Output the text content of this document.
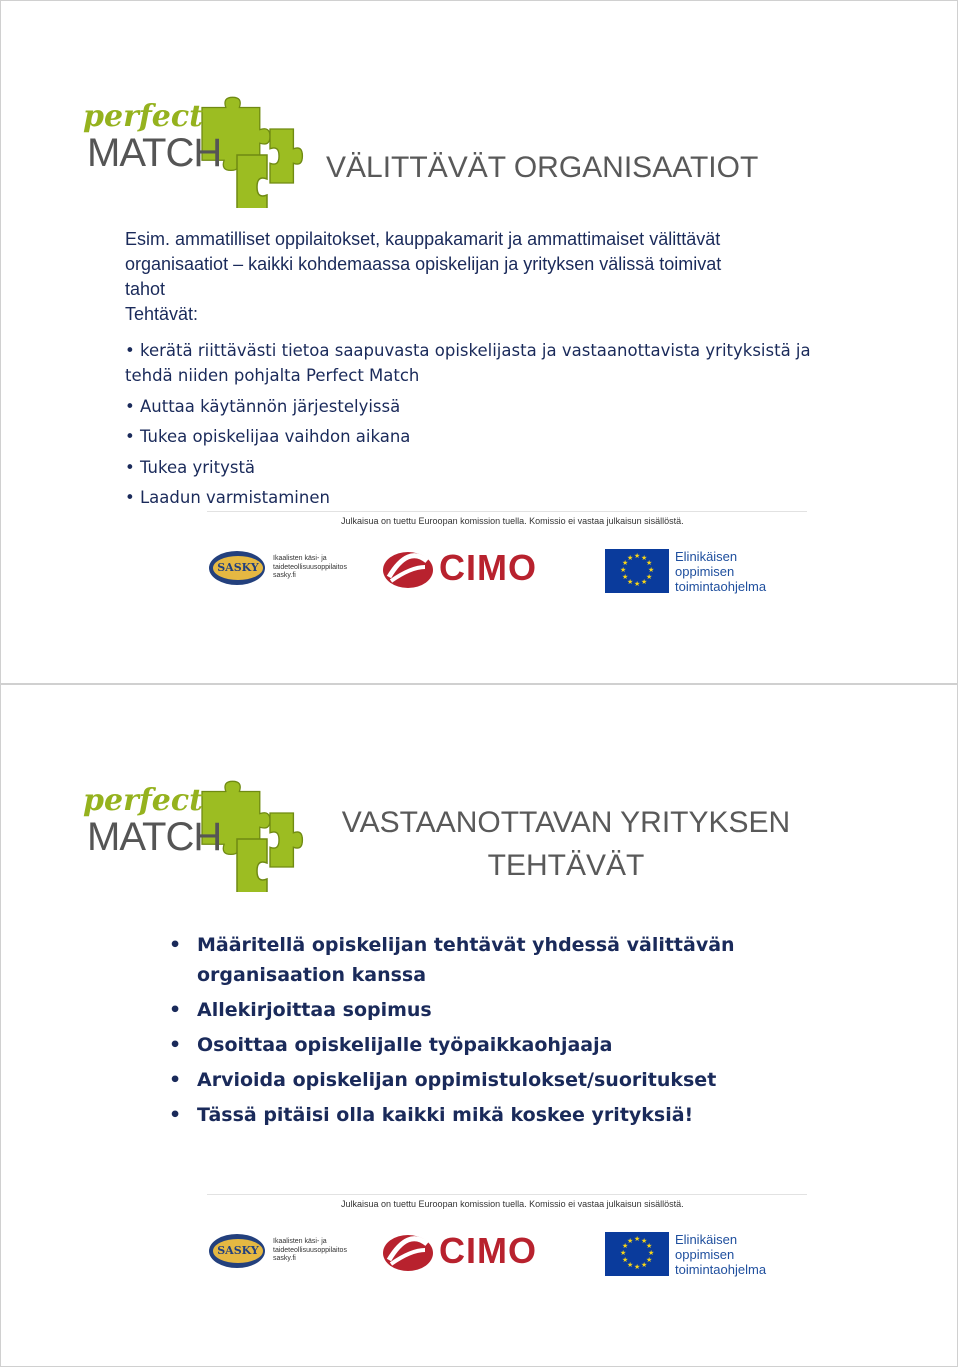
perfect
MATCH	VÄLITTÄVÄT ORGANISAATIOT
Esim. ammatilliset oppilaitokset, kauppakamarit ja ammattimaiset välittävät
organisaatiot – kaikki kohdemaassa opiskelijan ja yrityksen välissä toimivat
tahot
Tehtävät:
• kerätä riittävästi tietoa saapuvasta opiskelijasta ja vastaanottavista yrityksistä ja tehdä niiden pohjalta Perfect Match
• Auttaa käytännön järjestelyissä
• Tukea opiskelijaa vaihdon aikana
• Tukea yritystä
• Laadun varmistaminen
Julkaisua on tuettu Euroopan komission tuella. Komissio ei vastaa julkaisun sisällöstä.
SASKY
Ikaalisten käsi- ja
taideteollisuusoppilaitos
sasky.fi	CIMO	★ ★
★
★
★
★
★
★
★
★
★
★	Elinikäisen
oppimisen
toimintaohjelma
perfect
MATCH	VASTAANOTTAVAN YRITYKSEN
TEHTÄVÄT
• Määritellä opiskelijan tehtävät yhdessä välittävän organisaation kanssa
• Allekirjoittaa sopimus
• Osoittaa opiskelijalle työpaikkaohjaaja
• Arvioida opiskelijan oppimistulokset/suoritukset
• Tässä pitäisi olla kaikki mikä koskee yrityksiä!
Julkaisua on tuettu Euroopan komission tuella. Komissio ei vastaa julkaisun sisällöstä.
SASKY
Ikaalisten käsi- ja
taideteollisuusoppilaitos
sasky.fi	CIMO	★ ★
★
★
★
★
★
★
★
★
★
★	Elinikäisen
oppimisen
toimintaohjelma
